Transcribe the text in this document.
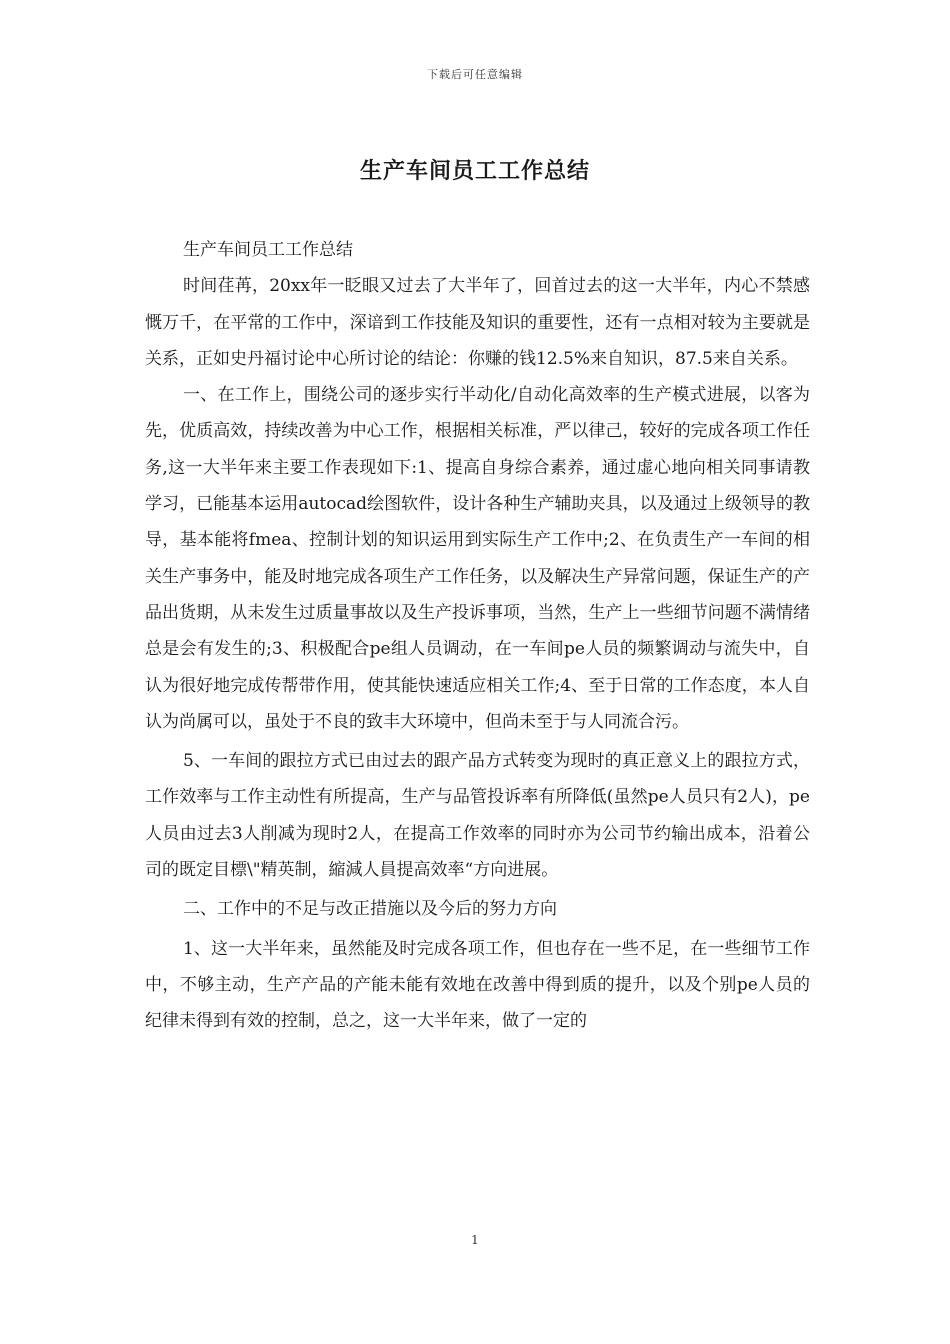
下载后可任意编辑
生产车间员工工作总结

生产车间员工工作总结

时间荏苒，20xx年一眨眼又过去了大半年了，回首过去的这一大半年，内心不禁感慨万千，在平常的工作中，深谙到工作技能及知识的重要性，还有一点相对较为主要就是关系，正如史丹福讨论中心所讨论的结论：你赚的钱12.5%来自知识，87.5来自关系。

一、在工作上，围绕公司的逐步实行半动化/自动化高效率的生产模式进展，以客为先，优质高效，持续改善为中心工作，根据相关标准，严以律己，较好的完成各项工作任务,这一大半年来主要工作表现如下:1、提高自身综合素养，通过虚心地向相关同事请教学习，已能基本运用autocad绘图软件，设计各种生产辅助夹具，以及通过上级领导的教导，基本能将fmea、控制计划的知识运用到实际生产工作中;2、在负责生产一车间的相关生产事务中，能及时地完成各项生产工作任务，以及解决生产异常问题，保证生产的产品出货期，从未发生过质量事故以及生产投诉事项，当然，生产上一些细节问题不满情绪总是会有发生的;3、积极配合pe组人员调动，在一车间pe人员的频繁调动与流失中，自认为很好地完成传帮带作用，使其能快速适应相关工作;4、至于日常的工作态度，本人自认为尚属可以，虽处于不良的致丰大环境中，但尚未至于与人同流合污。

5、一车间的跟拉方式已由过去的跟产品方式转变为现时的真正意义上的跟拉方式，工作效率与工作主动性有所提高，生产与品管投诉率有所降低(虽然pe人员只有2人)，pe人员由过去3人削减为现时2人，在提高工作效率的同时亦为公司节约输出成本，沿着公司的既定目標\"精英制，縮減人員提高效率“方向进展。

二、工作中的不足与改正措施以及今后的努力方向

1、这一大半年来，虽然能及时完成各项工作，但也存在一些不足，在一些细节工作中，不够主动，生产产品的产能未能有效地在改善中得到质的提升，以及个别pe人员的纪律未得到有效的控制，总之，这一大半年来，做了一定的

1
